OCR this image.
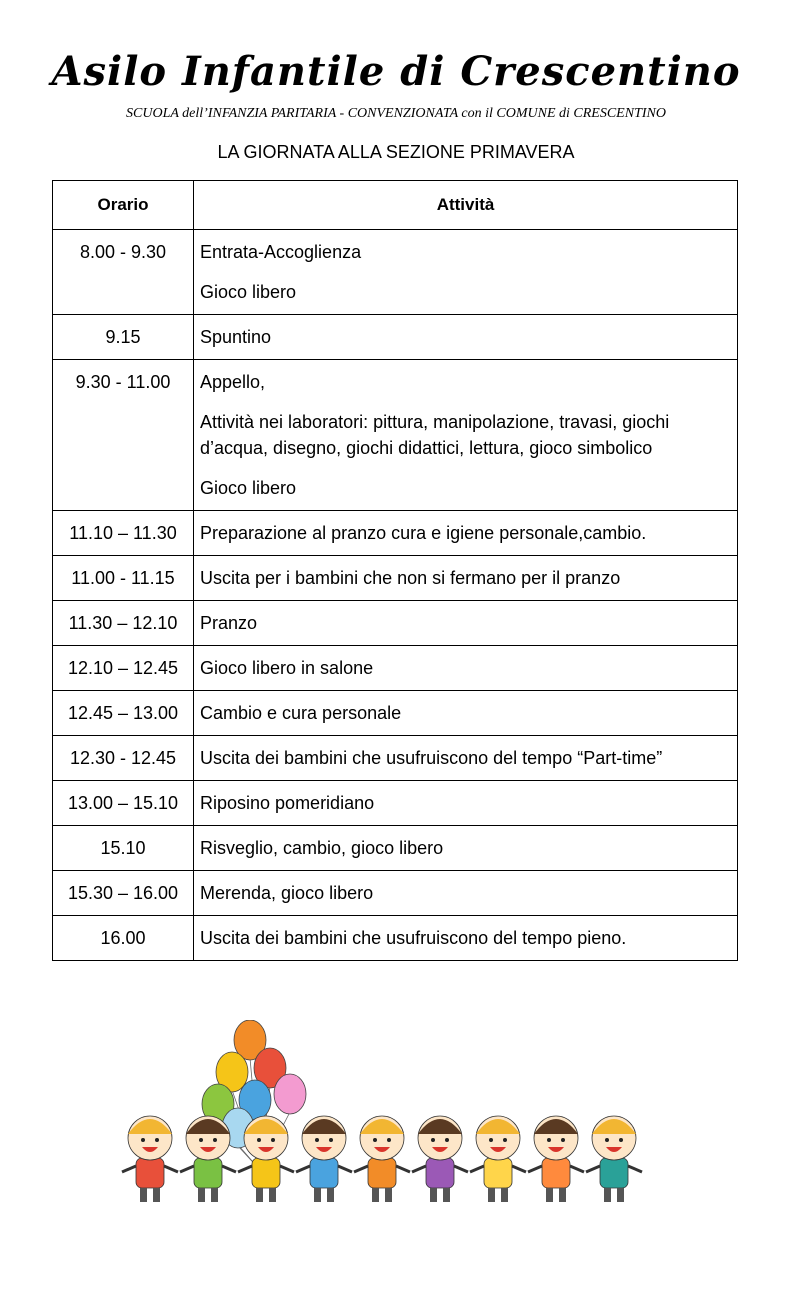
Asilo Infantile di Crescentino
SCUOLA dell’INFANZIA PARITARIA - CONVENZIONATA con il COMUNE di CRESCENTINO
LA GIORNATA ALLA SEZIONE PRIMAVERA
Orario	Attività
8.00 - 9.30	Entrata-Accoglienza

Gioco libero

9.15	Spuntino

9.30 - 11.00	Appello,

Attività nei laboratori: pittura, manipolazione, travasi, giochi d’acqua, disegno, giochi didattici, lettura, gioco simbolico

Gioco libero

11.10 – 11.30	Preparazione al pranzo cura e igiene personale,cambio.

11.00 - 11.15	Uscita per i bambini che non si fermano per il pranzo

11.30 – 12.10	Pranzo

12.10 – 12.45	Gioco libero in salone

12.45 – 13.00	Cambio e cura personale

12.30 - 12.45	Uscita dei bambini che usufruiscono del tempo “Part-time”

13.00 – 15.10	Riposino pomeridiano

15.10	Risveglio, cambio, gioco libero

15.30 – 16.00	Merenda, gioco libero

16.00	Uscita dei bambini che usufruiscono del tempo pieno.
